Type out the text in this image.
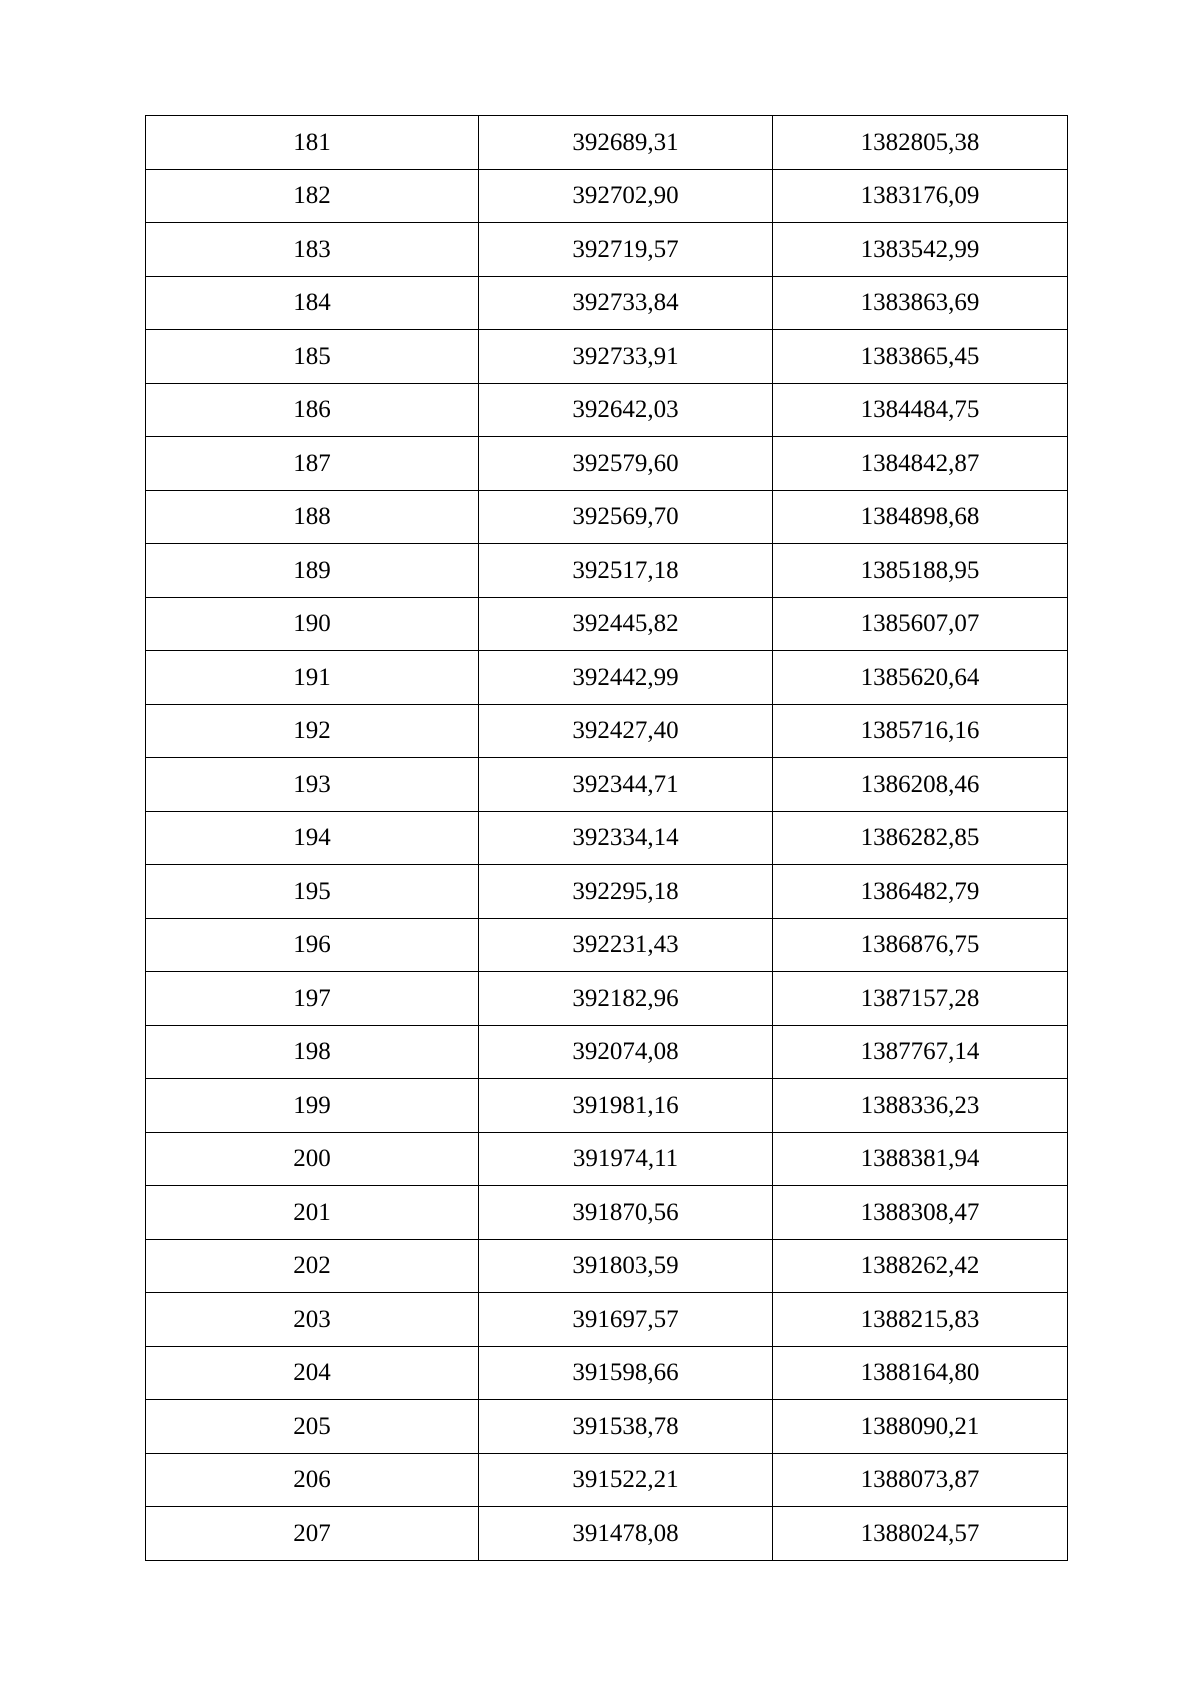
181	392689,31	1382805,38
182	392702,90	1383176,09
183	392719,57	1383542,99
184	392733,84	1383863,69
185	392733,91	1383865,45
186	392642,03	1384484,75
187	392579,60	1384842,87
188	392569,70	1384898,68
189	392517,18	1385188,95
190	392445,82	1385607,07
191	392442,99	1385620,64
192	392427,40	1385716,16
193	392344,71	1386208,46
194	392334,14	1386282,85
195	392295,18	1386482,79
196	392231,43	1386876,75
197	392182,96	1387157,28
198	392074,08	1387767,14
199	391981,16	1388336,23
200	391974,11	1388381,94
201	391870,56	1388308,47
202	391803,59	1388262,42
203	391697,57	1388215,83
204	391598,66	1388164,80
205	391538,78	1388090,21
206	391522,21	1388073,87
207	391478,08	1388024,57
